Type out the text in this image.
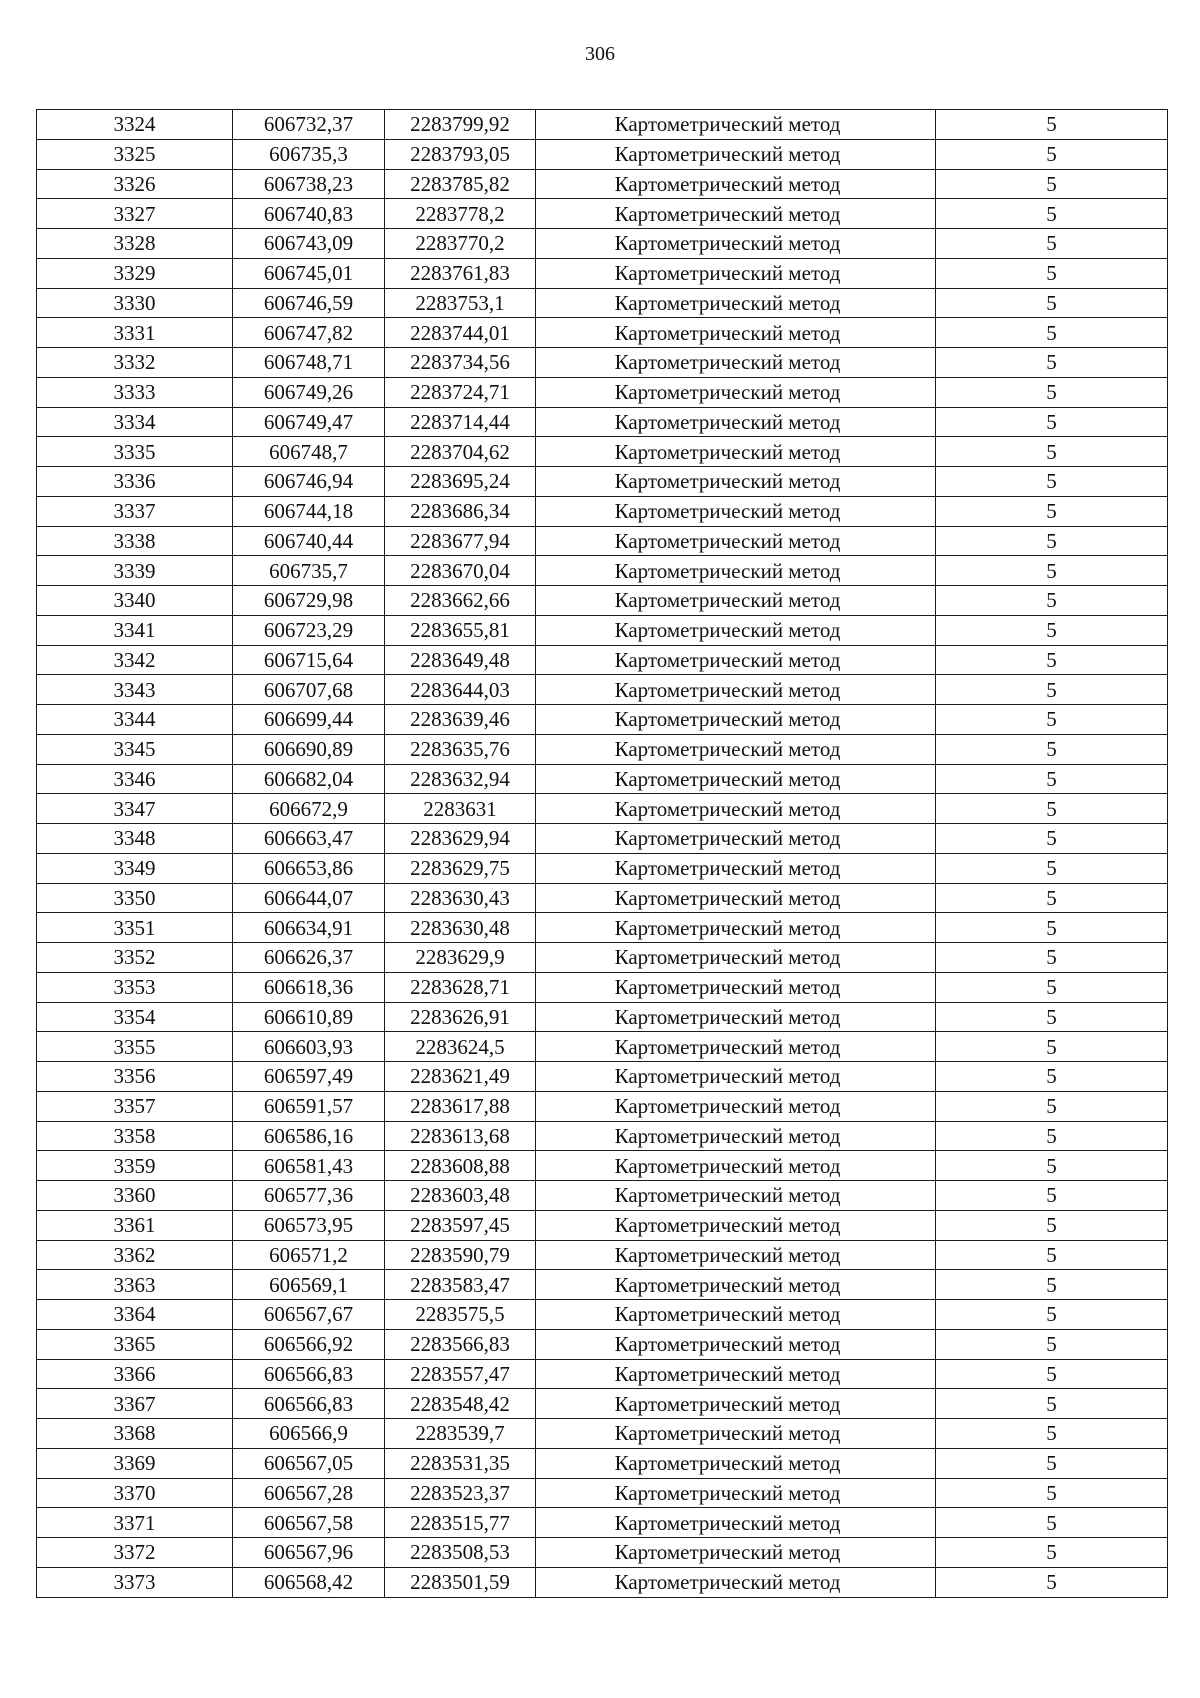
306
3324	606732,37	2283799,92	Картометрический метод	5
3325	606735,3	2283793,05	Картометрический метод	5
3326	606738,23	2283785,82	Картометрический метод	5
3327	606740,83	2283778,2	Картометрический метод	5
3328	606743,09	2283770,2	Картометрический метод	5
3329	606745,01	2283761,83	Картометрический метод	5
3330	606746,59	2283753,1	Картометрический метод	5
3331	606747,82	2283744,01	Картометрический метод	5
3332	606748,71	2283734,56	Картометрический метод	5
3333	606749,26	2283724,71	Картометрический метод	5
3334	606749,47	2283714,44	Картометрический метод	5
3335	606748,7	2283704,62	Картометрический метод	5
3336	606746,94	2283695,24	Картометрический метод	5
3337	606744,18	2283686,34	Картометрический метод	5
3338	606740,44	2283677,94	Картометрический метод	5
3339	606735,7	2283670,04	Картометрический метод	5
3340	606729,98	2283662,66	Картометрический метод	5
3341	606723,29	2283655,81	Картометрический метод	5
3342	606715,64	2283649,48	Картометрический метод	5
3343	606707,68	2283644,03	Картометрический метод	5
3344	606699,44	2283639,46	Картометрический метод	5
3345	606690,89	2283635,76	Картометрический метод	5
3346	606682,04	2283632,94	Картометрический метод	5
3347	606672,9	2283631	Картометрический метод	5
3348	606663,47	2283629,94	Картометрический метод	5
3349	606653,86	2283629,75	Картометрический метод	5
3350	606644,07	2283630,43	Картометрический метод	5
3351	606634,91	2283630,48	Картометрический метод	5
3352	606626,37	2283629,9	Картометрический метод	5
3353	606618,36	2283628,71	Картометрический метод	5
3354	606610,89	2283626,91	Картометрический метод	5
3355	606603,93	2283624,5	Картометрический метод	5
3356	606597,49	2283621,49	Картометрический метод	5
3357	606591,57	2283617,88	Картометрический метод	5
3358	606586,16	2283613,68	Картометрический метод	5
3359	606581,43	2283608,88	Картометрический метод	5
3360	606577,36	2283603,48	Картометрический метод	5
3361	606573,95	2283597,45	Картометрический метод	5
3362	606571,2	2283590,79	Картометрический метод	5
3363	606569,1	2283583,47	Картометрический метод	5
3364	606567,67	2283575,5	Картометрический метод	5
3365	606566,92	2283566,83	Картометрический метод	5
3366	606566,83	2283557,47	Картометрический метод	5
3367	606566,83	2283548,42	Картометрический метод	5
3368	606566,9	2283539,7	Картометрический метод	5
3369	606567,05	2283531,35	Картометрический метод	5
3370	606567,28	2283523,37	Картометрический метод	5
3371	606567,58	2283515,77	Картометрический метод	5
3372	606567,96	2283508,53	Картометрический метод	5
3373	606568,42	2283501,59	Картометрический метод	5
